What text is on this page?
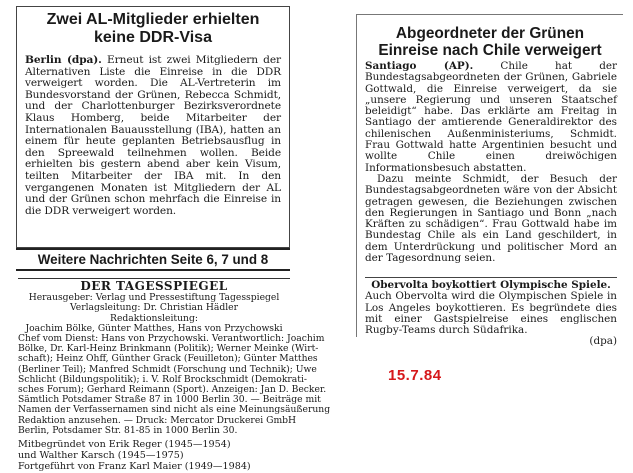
Zwei AL-Mitglieder erhielten
keine DDR-Visa
Berlin (dpa). Erneut ist zwei Mitgliedern der Alternativen Liste die Einreise in die DDR verweigert worden. Die AL-Vertreterin im Bundesvorstand der Grünen, Rebecca Schmidt, und der Charlottenburger Bezirksverordnete Klaus Homberg, beide Mitarbeiter der Internationalen Bauausstellung (IBA), hatten an einem für heute geplanten Betriebsausflug in den Spreewald teilnehmen wollen. Beide erhielten bis gestern abend aber kein Visum, teilten Mitarbeiter der IBA mit. In den vergangenen Monaten ist Mitgliedern der AL und der Grünen schon mehrfach die Einreise in die DDR verweigert worden.
Weitere Nachrichten Seite 6, 7 und 8
DER TAGESSPIEGEL
Herausgeber: Verlag und Pressestiftung Tagesspiegel
Verlagsleitung: Dr. Christian Hädler
Redaktionsleitung:
Joachim Bölke, Günter Matthes, Hans von Przychowski
Chef vom Dienst: Hans von Przychowski. Verantwortlich: Joachim
Bölke, Dr. Karl-Heinz Brinkmann (Politik); Werner Meinke (Wirt-
schaft); Heinz Ohff, Günther Grack (Feuilleton); Günter Matthes
(Berliner Teil); Manfred Schmidt (Forschung und Technik); Uwe
Schlicht (Bildungspolitik); i. V. Rolf Brockschmidt (Demokrati-
sches Forum); Gerhard Reimann (Sport). Anzeigen: Jan D. Becker.
Sämtlich Potsdamer Straße 87 in 1000 Berlin 30. — Beiträge mit
Namen der Verfassernamen sind nicht als eine Meinungsäußerung
Redaktion anzusehen. — Druck: Mercator Druckerei GmbH
Berlin, Potsdamer Str. 81-85 in 1000 Berlin 30.
Mitbegründet von Erik Reger (1945—1954)
und Walther Karsch (1945—1975)
Fortgeführt von Franz Karl Maier (1949—1984)
Abgeordneter der Grünen
Einreise nach Chile verweigert

Santiago (AP).	Chile hat der Bundestagsabgeordneten der Grünen, Gabriele Gottwald, die Einreise verweigert, da sie „unsere Regierung und unseren Staatschef beleidigt“ habe. Das erklärte am Freitag in Santiago der amtierende Generaldirektor des chilenischen Außenministeriums, Schmidt. Frau Gottwald hatte Argentinien besucht und wollte Chile einen dreiwöchigen Informationsbesuch abstatten.

Dazu meinte Schmidt, der Besuch der Bundestagsabgeordneten wäre von der Absicht getragen gewesen, die Beziehungen zwischen den Regierungen in Santiago und Bonn „nach Kräften zu schädigen“. Frau Gottwald habe im Bundestag Chile als ein Land geschildert, in dem Unterdrückung und politischer Mord an der Tagesordnung seien.

Obervolta boykottiert Olympische Spiele.
Auch Obervolta wird die Olympischen Spiele in Los Angeles boykottieren. Es begründete dies mit einer Gastspielreise eines englischen Rugby-Teams durch Südafrika.
(dpa)
15.7.84
